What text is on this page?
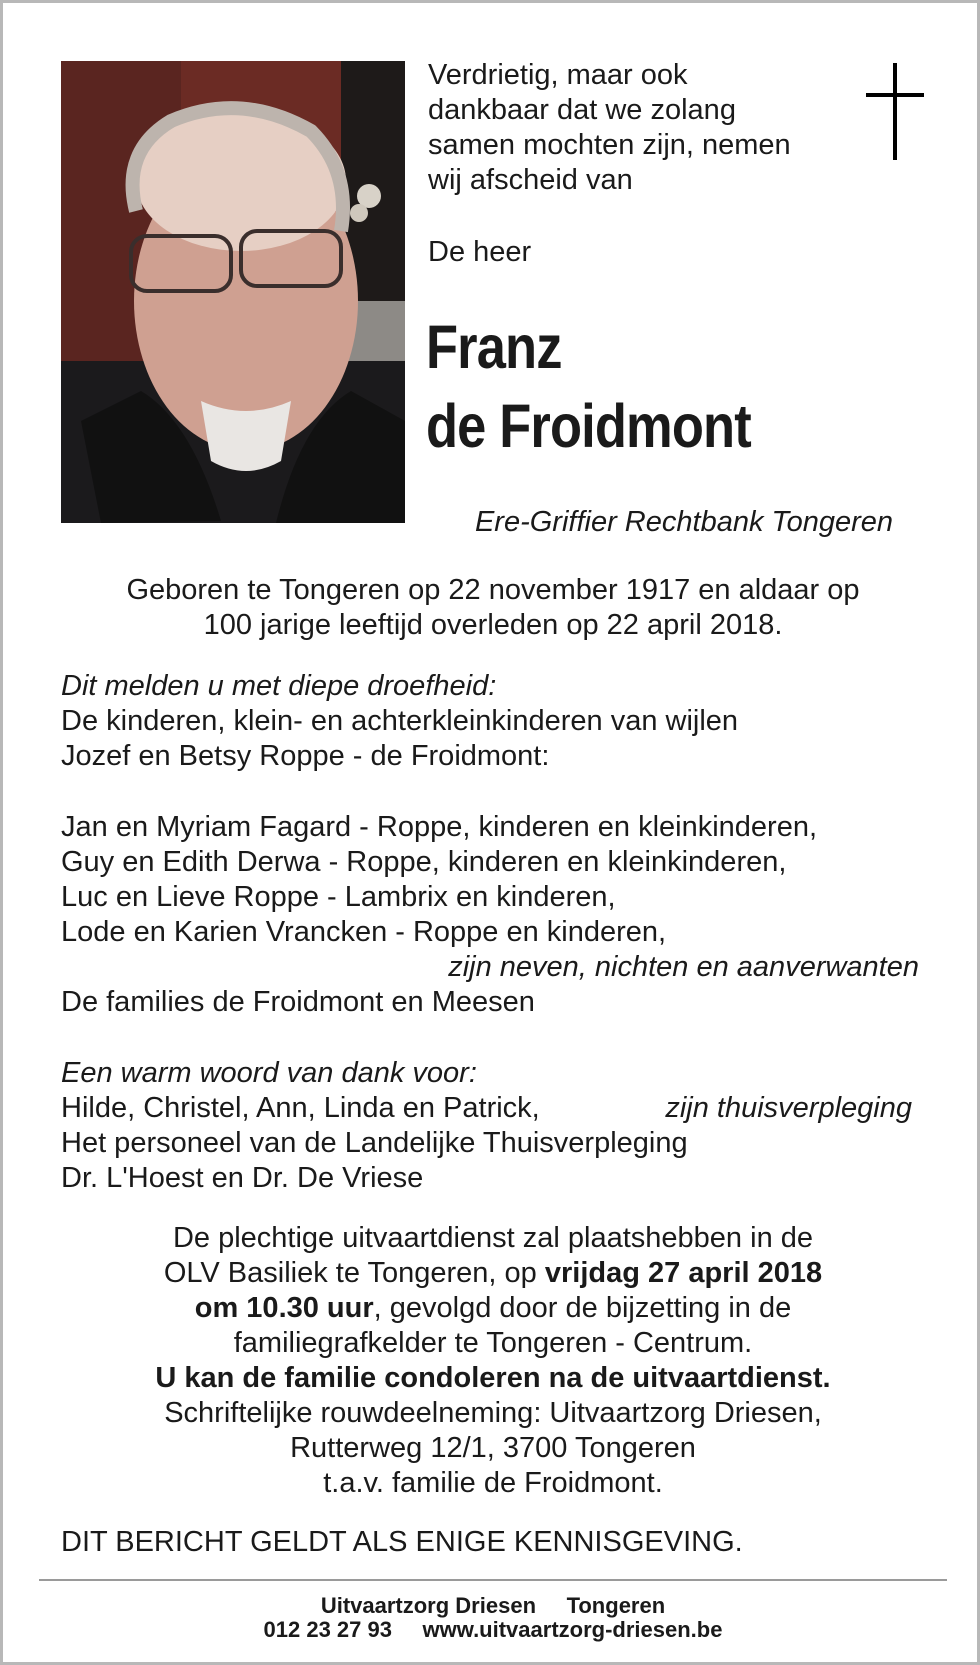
Verdrietig, maar ook
dankbaar dat we zolang
samen mochten zijn, nemen
wij afscheid van
De heer
Franz
de Froidmont
Ere-Griffier Rechtbank Tongeren
Geboren te Tongeren op 22 november 1917 en aldaar op
100 jarige leeftijd overleden op 22 april 2018.
Dit melden u met diepe droefheid:
De kinderen, klein- en achterkleinkinderen van wijlen
Jozef en Betsy Roppe - de Froidmont:
Jan en Myriam Fagard - Roppe, kinderen en kleinkinderen,
Guy en Edith Derwa - Roppe, kinderen en kleinkinderen,
Luc en Lieve Roppe - Lambrix en kinderen,
Lode en Karien Vrancken - Roppe en kinderen,
zijn neven, nichten en aanverwanten
De families de Froidmont en Meesen
Een warm woord van dank voor:
Hilde, Christel, Ann, Linda en Patrick,	zijn thuisverpleging
Het personeel van de Landelijke Thuisverpleging
Dr. L'Hoest en Dr. De Vriese
De plechtige uitvaartdienst zal plaatshebben in de
OLV Basiliek te Tongeren, op vrijdag 27 april 2018
om 10.30 uur, gevolgd door de bijzetting in de
familiegrafkelder te Tongeren - Centrum.
U kan de familie condoleren na de uitvaartdienst.
Schriftelijke rouwdeelneming: Uitvaartzorg Driesen,
Rutterweg 12/1, 3700 Tongeren
t.a.v. familie de Froidmont.
DIT BERICHT GELDT ALS ENIGE KENNISGEVING.
Uitvaartzorg Driesen     Tongeren
012 23 27 93     www.uitvaartzorg-driesen.be
